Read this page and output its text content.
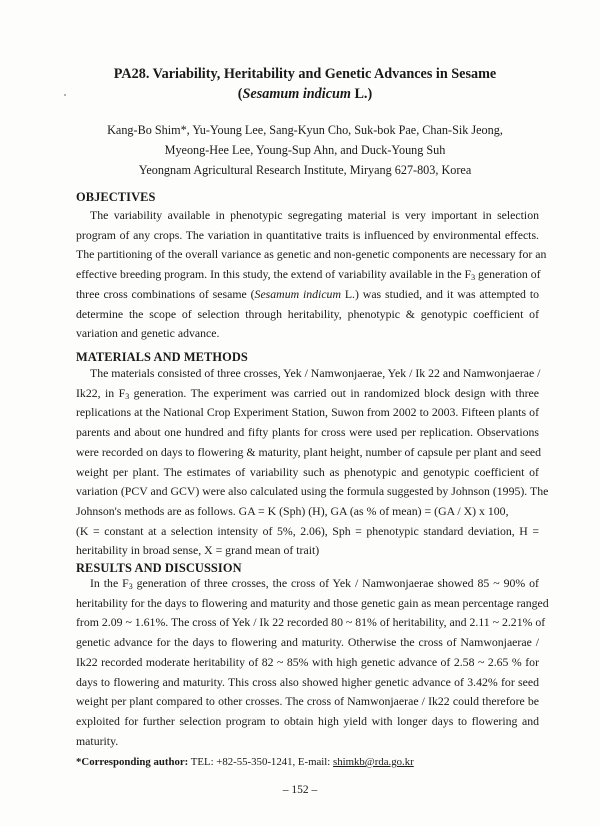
PA28. Variability, Heritability and Genetic Advances in Sesame
(Sesamum indicum L.)
Kang-Bo Shim*, Yu-Young Lee, Sang-Kyun Cho, Suk-bok Pae, Chan-Sik Jeong,
Myeong-Hee Lee, Young-Sup Ahn, and Duck-Young Suh
Yeongnam Agricultural Research Institute, Miryang 627-803, Korea
OBJECTIVES
The variability available in phenotypic segregating material is very important in selection
program of any crops. The variation in quantitative traits is influenced by environmental effects.
The partitioning of the overall variance as genetic and non-genetic components are necessary for an
effective breeding program. In this study, the extend of variability available in the $F_3$ generation of
three cross combinations of sesame (Sesamum indicum L.) was studied, and it was attempted to
determine the scope of selection through heritability, phenotypic & genotypic coefficient of
variation and genetic advance.
MATERIALS AND METHODS
The materials consisted of three crosses, Yek / Namwonjaerae, Yek / Ik 22 and Namwonjaerae /
Ik22, in $F_3$ generation. The experiment was carried out in randomized block design with three
replications at the National Crop Experiment Station, Suwon from 2002 to 2003. Fifteen plants of
parents and about one hundred and fifty plants for cross were used per replication. Observations
were recorded on days to flowering & maturity, plant height, number of capsule per plant and seed
weight per plant. The estimates of variability such as phenotypic and genotypic coefficient of
variation (PCV and GCV) were also calculated using the formula suggested by Johnson (1995). The
Johnson's methods are as follows. GA = K (Sph) (H), GA (as % of mean) = (GA / X) x 100,
(K = constant at a selection intensity of 5%, 2.06), Sph = phenotypic standard deviation, H =
heritability in broad sense, X = grand mean of trait)
RESULTS AND DISCUSSION
In the $F_3$ generation of three crosses, the cross of Yek / Namwonjaerae showed 85 ~ 90% of
heritability for the days to flowering and maturity and those genetic gain as mean percentage ranged
from 2.09 ~ 1.61%. The cross of Yek / Ik 22 recorded 80 ~ 81% of heritability, and 2.11 ~ 2.21% of
genetic advance for the days to flowering and maturity. Otherwise the cross of Namwonjaerae /
Ik22 recorded moderate heritability of 82 ~ 85% with high genetic advance of 2.58 ~ 2.65 % for
days to flowering and maturity. This cross also showed higher genetic advance of 3.42% for seed
weight per plant compared to other crosses. The cross of Namwonjaerae / Ik22 could therefore be
exploited for further selection program to obtain high yield with longer days to flowering and
maturity.
*Corresponding author: TEL: +82-55-350-1241, E-mail: shimkb@rda.go.kr
– 152 –
